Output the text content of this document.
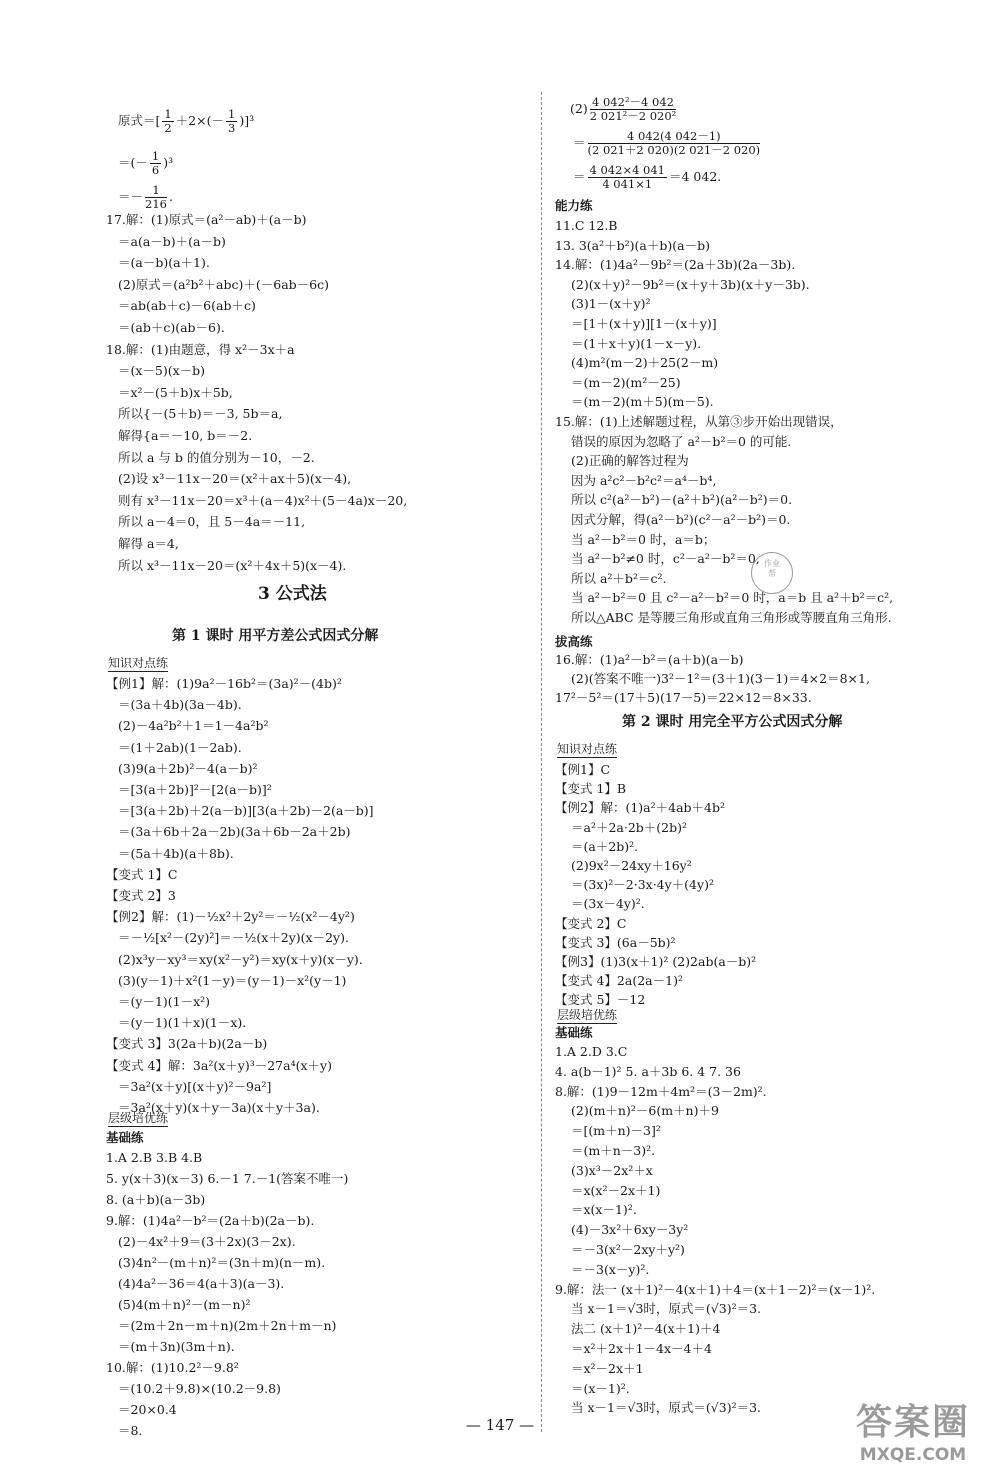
原式＝[ $\frac{1}{2} +2\times(- \frac{1}{3} )]^3$
＝(－ $\frac{1}{6} )^3$
＝－ $\frac{1}{216}$ .
17.解：(1)原式＝(a²－ab)＋(a－b)
＝a(a－b)＋(a－b)
＝(a－b)(a＋1).
(2)原式＝(a²b²＋abc)＋(－6ab－6c)
＝ab(ab＋c)－6(ab＋c)
＝(ab＋c)(ab－6).
18.解：(1)由题意，得 x²－3x＋a
＝(x－5)(x－b)
＝x²－(5＋b)x＋5b,
所以{－(5＋b)＝－3, 5b＝a,
解得{a＝－10, b＝－2.
所以 a 与 b 的值分别为－10，－2.
(2)设 x³－11x－20＝(x²＋ax＋5)(x－4),
则有 x³－11x－20＝x³＋(a－4)x²＋(5－4a)x－20,
所以 a－4＝0，且 5－4a＝－11,
解得 a＝4,
所以 x³－11x－20＝(x²＋4x＋5)(x－4).
3 公式法
第 1 课时 用平方差公式因式分解
知识对点练
【例1】解：(1)9a²－16b²＝(3a)²－(4b)²
＝(3a＋4b)(3a－4b).
(2)－4a²b²＋1＝1－4a²b²
＝(1＋2ab)(1－2ab).
(3)9(a＋2b)²－4(a－b)²
＝[3(a＋2b)]²－[2(a－b)]²
＝[3(a＋2b)＋2(a－b)][3(a＋2b)－2(a－b)]
＝(3a＋6b＋2a－2b)(3a＋6b－2a＋2b)
＝(5a＋4b)(a＋8b).
【变式 1】C
【变式 2】3
【例2】解：(1)－½x²＋2y²＝－½(x²－4y²)
＝－½[x²－(2y)²]＝－½(x＋2y)(x－2y).
(2)x³y－xy³＝xy(x²－y²)＝xy(x＋y)(x－y).
(3)(y－1)＋x²(1－y)＝(y－1)－x²(y－1)
＝(y－1)(1－x²)
＝(y－1)(1＋x)(1－x).
【变式 3】3(2a＋b)(2a－b)
【变式 4】解：3a²(x＋y)³－27a⁴(x＋y)
＝3a²(x＋y)[(x＋y)²－9a²]
＝3a²(x＋y)(x＋y－3a)(x＋y＋3a).
层级培优练
基础练
1.A 2.B 3.B 4.B
5. y(x＋3)(x－3) 6.－1 7.－1(答案不唯一)
8. (a＋b)(a－3b)
9.解：(1)4a²－b²＝(2a＋b)(2a－b).
(2)－4x²＋9＝(3＋2x)(3－2x).
(3)4n²－(m＋n)²＝(3n＋m)(n－m).
(4)4a²－36＝4(a＋3)(a－3).
(5)4(m＋n)²－(m－n)²
＝(2m＋2n－m＋n)(2m＋2n＋m－n)
＝(m＋3n)(3m＋n).
10.解：(1)10.2²－9.8²
＝(10.2＋9.8)×(10.2－9.8)
＝20×0.4
＝8.
$(2) \frac{\text{4 042²－4 042}}{\text{2 021²－2 020²}}$
＝ $\frac{4 042(4 042-1)}{(2 021+2 020)(2 021-2 020)}$
＝ $\frac{4 042\times 4 041}{4 041\times 1} =4$ 042.
能力练
11.C 12.B
13. 3(a²＋b²)(a＋b)(a－b)
14.解：(1)4a²－9b²＝(2a＋3b)(2a－3b).
(2)(x＋y)²－9b²＝(x＋y＋3b)(x＋y－3b).
(3)1－(x＋y)²
＝[1＋(x＋y)][1－(x＋y)]
＝(1＋x＋y)(1－x－y).
(4)m²(m－2)＋25(2－m)
＝(m－2)(m²－25)
＝(m－2)(m＋5)(m－5).
15.解：(1)上述解题过程，从第③步开始出现错误，
错误的原因为忽略了 a²－b²＝0 的可能.
(2)正确的解答过程为
因为 a²c²－b²c²＝a⁴－b⁴,
所以 c²(a²－b²)－(a²＋b²)(a²－b²)＝0.
因式分解，得(a²－b²)(c²－a²－b²)＝0.
当 a²－b²＝0 时，a＝b；
当 a²－b²≠0 时，c²－a²－b²＝0,
所以 a²＋b²＝c².
当 a²－b²＝0 且 c²－a²－b²＝0 时，a＝b 且 a²＋b²＝c²,
所以△ABC 是等腰三角形或直角三角形或等腰直角三角形.
拔高练
16.解：(1)a²－b²＝(a＋b)(a－b)
(2)(答案不唯一)3²－1²＝(3＋1)(3－1)＝4×2＝8×1,
17²－5²＝(17＋5)(17－5)＝22×12＝8×33.
第 2 课时 用完全平方公式因式分解
知识对点练
【例1】C
【变式 1】B
【例2】解：(1)a²＋4ab＋4b²
＝a²＋2a·2b＋(2b)²
＝(a＋2b)².
(2)9x²－24xy＋16y²
＝(3x)²－2·3x·4y＋(4y)²
＝(3x－4y)².
【变式 2】C
【变式 3】(6a－5b)²
【例3】(1)3(x＋1)² (2)2ab(a－b)²
【变式 4】2a(2a－1)²
【变式 5】－12
层级培优练
基础练
1.A 2.D 3.C
4. a(b－1)² 5. a＋3b 6. 4 7. 36
8.解：(1)9－12m＋4m²＝(3－2m)².
(2)(m＋n)²－6(m＋n)＋9
＝[(m＋n)－3]²
＝(m＋n－3)².
(3)x³－2x²＋x
＝x(x²－2x＋1)
＝x(x－1)².
(4)－3x²＋6xy－3y²
＝－3(x²－2xy＋y²)
＝－3(x－y)².
9.解：法一 (x＋1)²－4(x＋1)＋4＝(x＋1－2)²＝(x－1)².
当 x－1＝√3时，原式＝(√3)²＝3.
法二 (x＋1)²－4(x＋1)＋4
＝x²＋2x＋1－4x－4＋4
＝x²－2x＋1
＝(x－1)².
当 x－1＝√3时，原式＝(√3)²＝3.
作业
帮
— 147 —	答案圈
MXQE.COM
